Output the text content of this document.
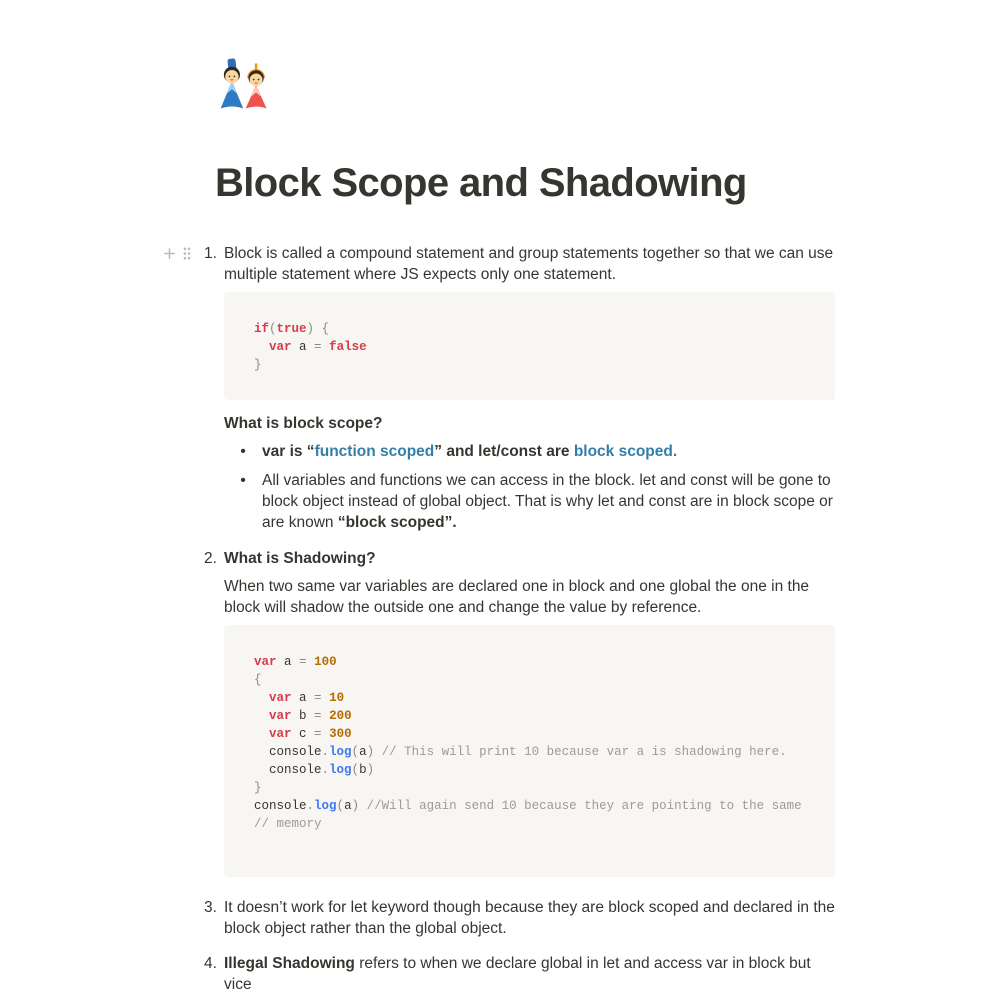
Block Scope and Shadowing
1. Block is called a compound statement and group statements together so that we can use multiple statement where JS expects only one statement.

if(true) {
var a = false
}

What is block scope?

•	var is “function scoped” and let/const are block scoped.
•	All variables and functions we can access in the block. let and const will be gone to block object instead of global object. That is why let and const are in block scope or are known “block scoped”.
2. What is Shadowing?

When two same var variables are declared one in block and one global the one in the block will shadow the outside one and change the value by reference.

var a = 100
{
var a = 10
var b = 200
var c = 300
console.log(a) // This will print 10 because var a is shadowing here.
console.log(b)
}
console.log(a) //Will again send 10 because they are pointing to the same
// memory

3. It doesn’t work for let keyword though because they are block scoped and declared in the block object rather than the global object.

4. Illegal Shadowing refers to when we declare global in let and access var in block but vice
